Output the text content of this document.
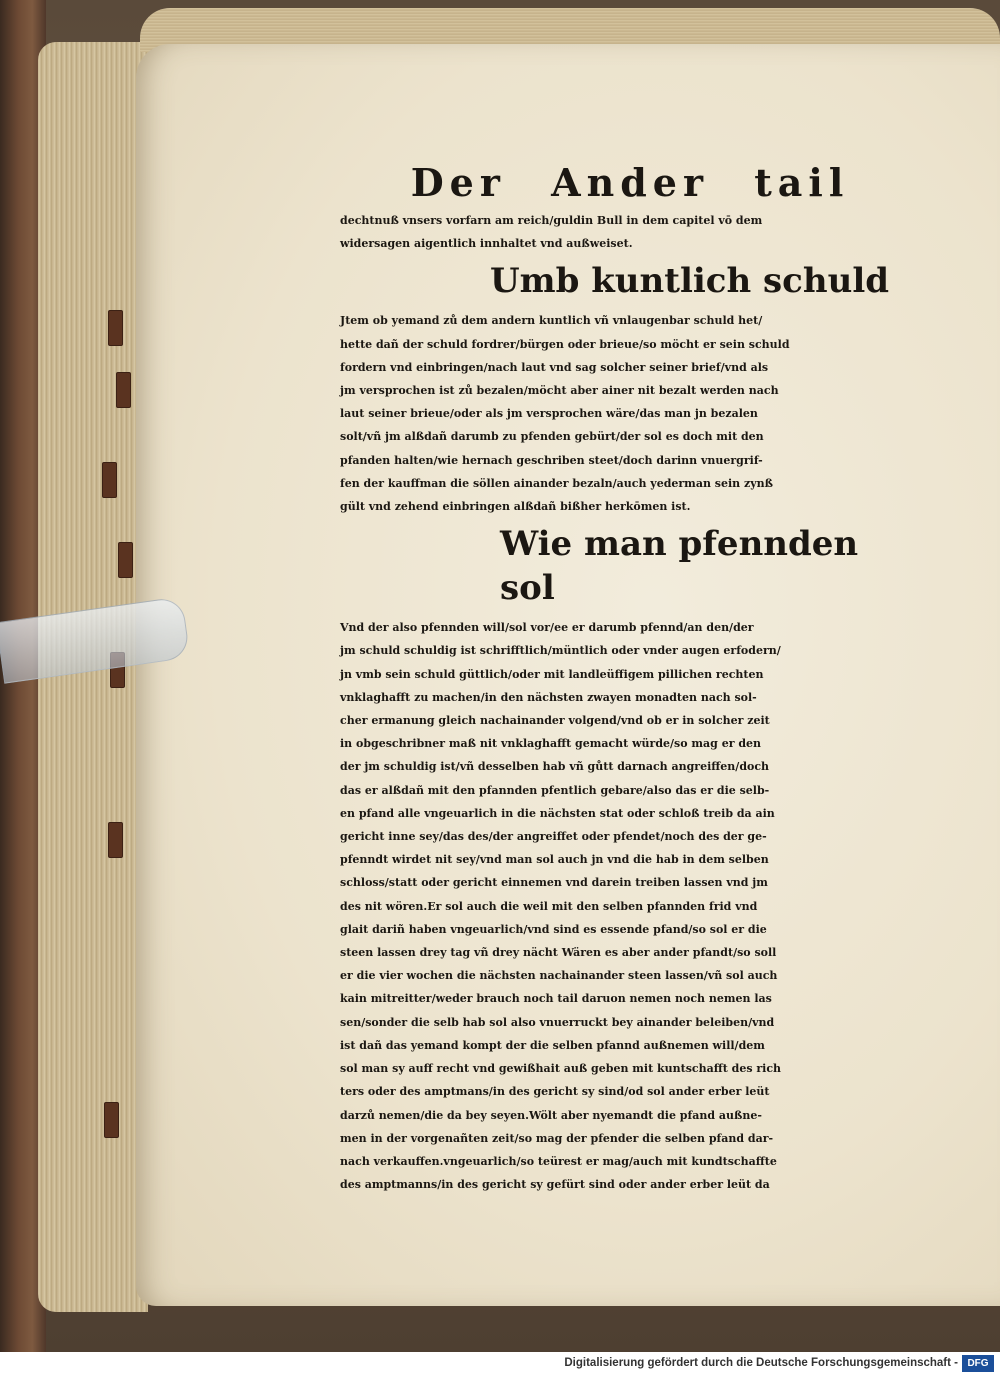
Der Ander tail
dechtnuß vnsers vorfarn am reich/guldin Bull in dem capitel vō dem
widersagen aigentlich innhaltet vnd außweiset.
Umb kuntlich schuld
Jtem ob yemand zů dem andern kuntlich vñ vnlaugenbar schuld het/
hette dañ der schuld fordrer/bürgen oder brieue/so möcht er sein schuld
fordern vnd einbringen/nach laut vnd sag solcher seiner brief/vnd als
jm versprochen ist zů bezalen/möcht aber ainer nit bezalt werden nach
laut seiner brieue/oder als jm versprochen wäre/das man jn bezalen
solt/vñ jm alßdañ darumb zu pfenden gebürt/der sol es doch mit den
pfanden halten/wie hernach geschriben steet/doch darinn vnuergrif-
fen der kauffman die söllen ainander bezaln/auch yederman sein zynß
gült vnd zehend einbringen alßdañ bißher herkōmen ist.
Wie man pfennden sol
Vnd der also pfennden will/sol vor/ee er darumb pfennd/an den/der
jm schuld schuldig ist schrifftlich/müntlich oder vnder augen erfodern/
jn vmb sein schuld güttlich/oder mit landleüffigem pillichen rechten
vnklaghafft zu machen/in den nächsten zwayen monadten nach sol-
cher ermanung gleich nachainander volgend/vnd ob er in solcher zeit
in obgeschribner maß nit vnklaghafft gemacht würde/so mag er den
der jm schuldig ist/vñ desselben hab vñ gůtt darnach angreiffen/doch
das er alßdañ mit den pfannden pfentlich gebare/also das er die selb-
en pfand alle vngeuarlich in die nächsten stat oder schloß treib da ain
gericht inne sey/das des/der angreiffet oder pfendet/noch des der ge-
pfenndt wirdet nit sey/vnd man sol auch jn vnd die hab in dem selben
schloss/statt oder gericht einnemen vnd darein treiben lassen vnd jm
des nit wören.Er sol auch die weil mit den selben pfannden frid vnd
glait dariñ haben vngeuarlich/vnd sind es essende pfand/so sol er die
steen lassen drey tag vñ drey nächt Wären es aber ander pfandt/so soll
er die vier wochen die nächsten nachainander steen lassen/vñ sol auch
kain mitreitter/weder brauch noch tail daruon nemen noch nemen las
sen/sonder die selb hab sol also vnuerruckt bey ainander beleiben/vnd
ist dañ das yemand kompt der die selben pfannd außnemen will/dem
sol man sy auff recht vnd gewißhait auß geben mit kuntschafft des rich
ters oder des amptmans/in des gericht sy sind/od sol ander erber leüt
darzů nemen/die da bey seyen.Wölt aber nyemandt die pfand außne-
men in der vorgenañten zeit/so mag der pfender die selben pfand dar-
nach verkauffen.vngeuarlich/so teürest er mag/auch mit kundtschaffte
des amptmanns/in des gericht sy gefürt sind oder ander erber leüt da
Digitalisierung gefördert durch die Deutsche Forschungsgemeinschaft - DFG
